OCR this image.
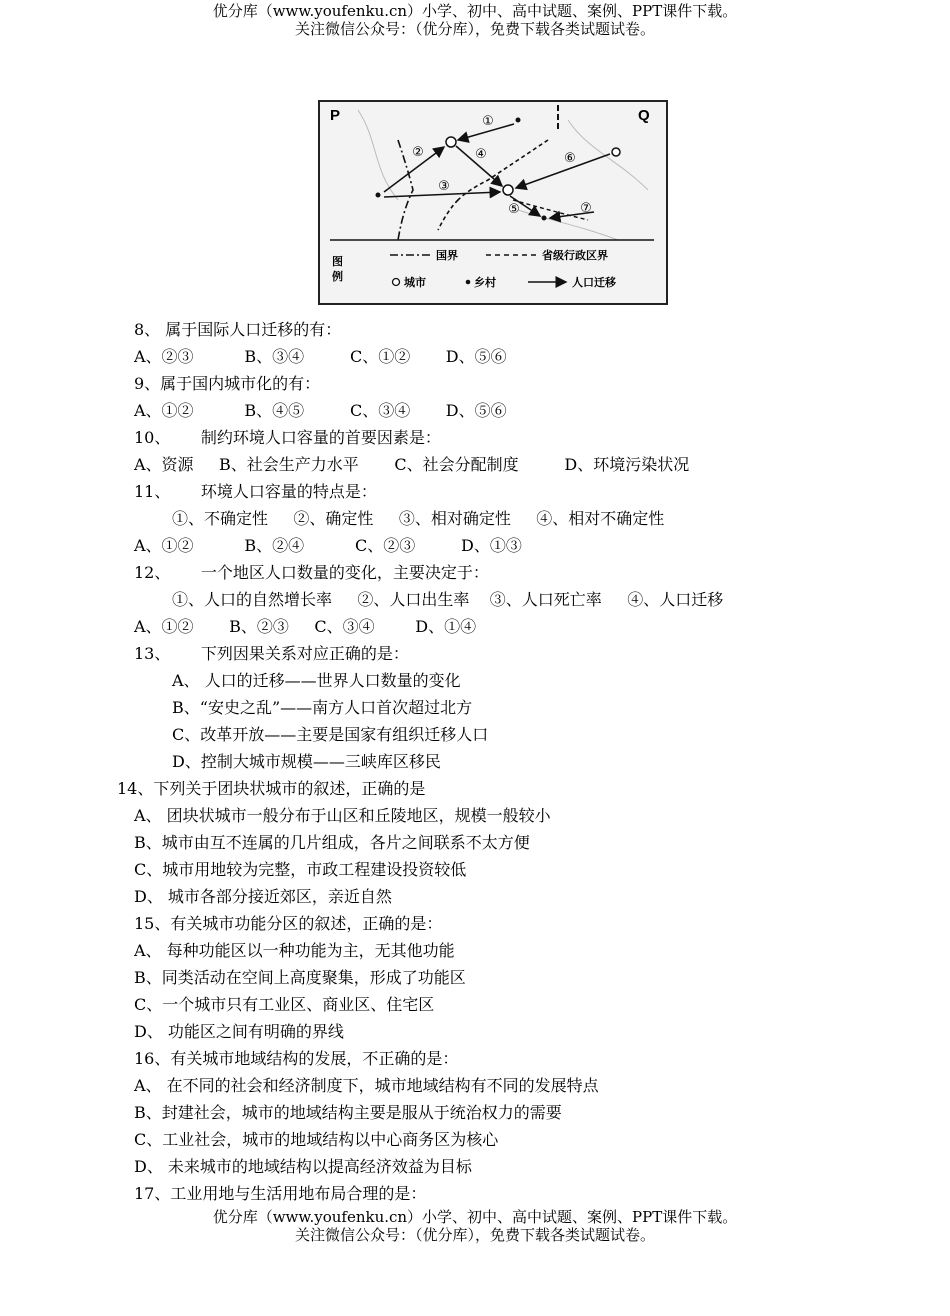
优分库（www.youfenku.cn）小学、初中、高中试题、案例、PPT课件下载。
关注微信公众号：（优分库），免费下载各类试题试卷。
P	Q
①
②
③
④
⑤
⑥
⑦
图
例
国界	省级行政区界
城市	乡村	人口迁移
8、 属于国际人口迁移的有：
A、②③          B、③④         C、①②       D、⑤⑥
9、属于国内城市化的有：
A、①②          B、④⑤         C、③④       D、⑤⑥
10、      制约环境人口容量的首要因素是：
A、资源     B、社会生产力水平       C、社会分配制度         D、环境污染状况
11、      环境人口容量的特点是：
①、不确定性     ②、确定性     ③、相对确定性     ④、相对不确定性
A、①②          B、②④          C、②③         D、①③
12、      一个地区人口数量的变化，主要决定于：
①、人口的自然增长率     ②、人口出生率    ③、人口死亡率     ④、人口迁移
A、①②       B、②③     C、③④        D、①④
13、      下列因果关系对应正确的是：
A、 人口的迁移——世界人口数量的变化
B、“安史之乱”——南方人口首次超过北方
C、改革开放——主要是国家有组织迁移人口
D、控制大城市规模——三峡库区移民
14、下列关于团块状城市的叙述，正确的是
A、 团块状城市一般分布于山区和丘陵地区，规模一般较小
B、城市由互不连属的几片组成，各片之间联系不太方便
C、城市用地较为完整，市政工程建设投资较低
D、 城市各部分接近郊区，亲近自然
15、有关城市功能分区的叙述，正确的是：
A、 每种功能区以一种功能为主，无其他功能
B、同类活动在空间上高度聚集，形成了功能区
C、一个城市只有工业区、商业区、住宅区
D、 功能区之间有明确的界线
16、有关城市地域结构的发展，不正确的是：
A、 在不同的社会和经济制度下，城市地域结构有不同的发展特点
B、封建社会，城市的地域结构主要是服从于统治权力的需要
C、工业社会，城市的地域结构以中心商务区为核心
D、 未来城市的地域结构以提高经济效益为目标
17、工业用地与生活用地布局合理的是：
优分库（www.youfenku.cn）小学、初中、高中试题、案例、PPT课件下载。
关注微信公众号：（优分库），免费下载各类试题试卷。
